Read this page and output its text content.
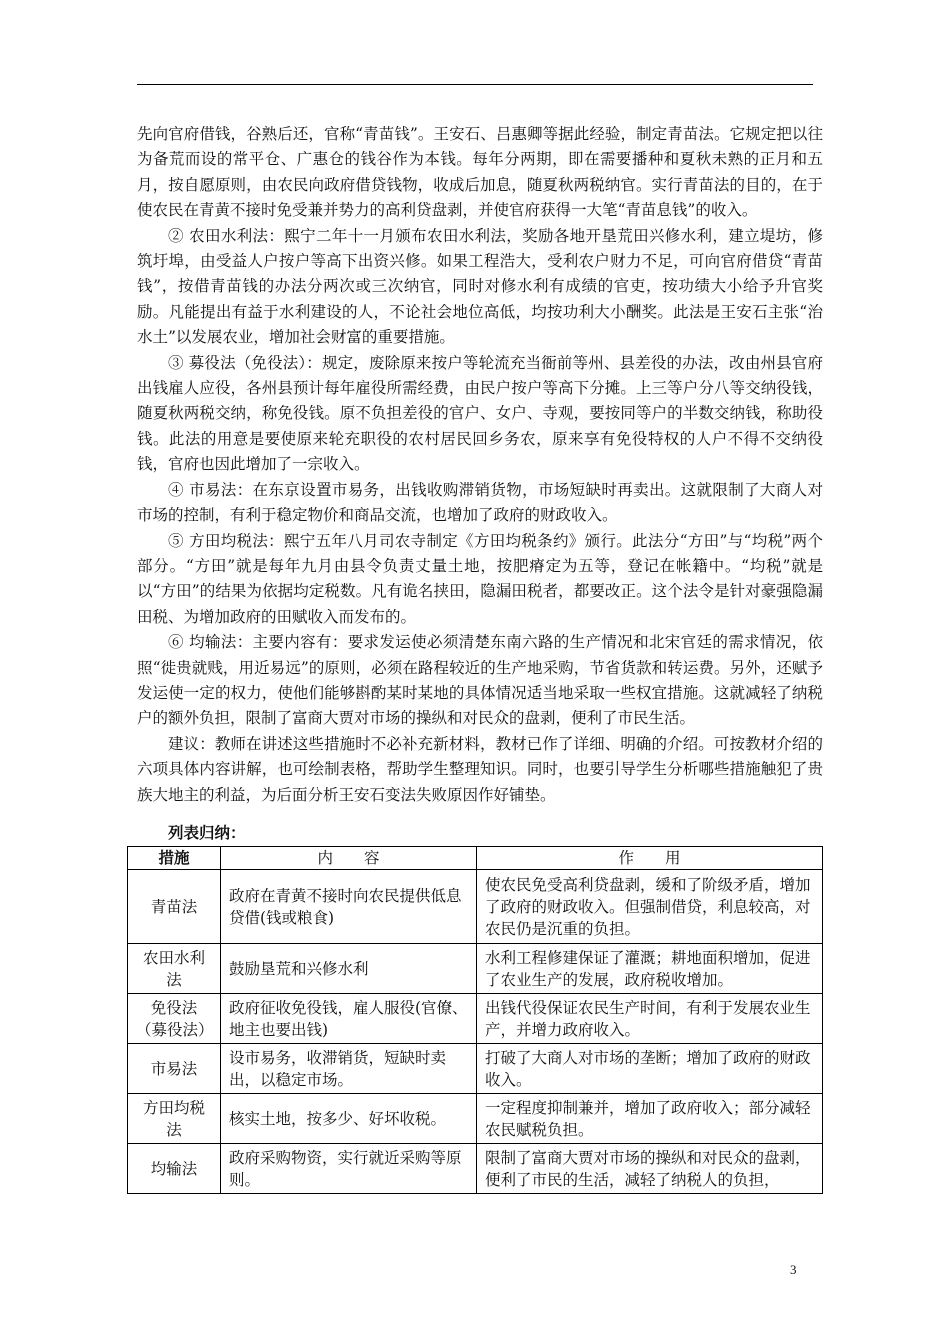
先向官府借钱，谷熟后还，官称“青苗钱”。王安石、吕惠卿等据此经验，制定青苗法。它规定把以往为备荒而设的常平仓、广惠仓的钱谷作为本钱。每年分两期，即在需要播种和夏秋未熟的正月和五月，按自愿原则，由农民向政府借贷钱物，收成后加息，随夏秋两税纳官。实行青苗法的目的，在于使农民在青黄不接时免受兼并势力的高利贷盘剥，并使官府获得一大笔“青苗息钱”的收入。

② 农田水利法：熙宁二年十一月颁布农田水利法，奖励各地开垦荒田兴修水利，建立堤坊，修筑圩埠，由受益人户按户等高下出资兴修。如果工程浩大，受利农户财力不足，可向官府借贷“青苗钱”，按借青苗钱的办法分两次或三次纳官，同时对修水利有成绩的官吏，按功绩大小给予升官奖励。凡能提出有益于水利建设的人，不论社会地位高低，均按功利大小酬奖。此法是王安石主张“治水土”以发展农业，增加社会财富的重要措施。

③ 募役法（免役法）：规定，废除原来按户等轮流充当衙前等州、县差役的办法，改由州县官府出钱雇人应役，各州县预计每年雇役所需经费，由民户按户等高下分摊。上三等户分八等交纳役钱，随夏秋两税交纳，称免役钱。原不负担差役的官户、女户、寺观，要按同等户的半数交纳钱，称助役钱。此法的用意是要使原来轮充职役的农村居民回乡务农，原来享有免役特权的人户不得不交纳役钱，官府也因此增加了一宗收入。

④ 市易法：在东京设置市易务，出钱收购滞销货物，市场短缺时再卖出。这就限制了大商人对市场的控制，有利于稳定物价和商品交流，也增加了政府的财政收入。

⑤ 方田均税法：熙宁五年八月司农寺制定《方田均税条约》颁行。此法分“方田”与“均税”两个部分。“方田”就是每年九月由县令负责丈量土地，按肥瘠定为五等，登记在帐籍中。“均税”就是以“方田”的结果为依据均定税数。凡有诡名挟田，隐漏田税者，都要改正。这个法令是针对豪强隐漏田税、为增加政府的田赋收入而发布的。

⑥ 均输法：主要内容有：要求发运使必须清楚东南六路的生产情况和北宋官廷的需求情况，依照“徙贵就贱，用近易远”的原则，必须在路程较近的生产地采购，节省货款和转运费。另外，还赋予发运使一定的权力，使他们能够斟酌某时某地的具体情况适当地采取一些权宜措施。这就减轻了纳税户的额外负担，限制了富商大贾对市场的操纵和对民众的盘剥，便利了市民生活。

建议：教师在讲述这些措施时不必补充新材料，教材已作了详细、明确的介绍。可按教材介绍的六项具体内容讲解，也可绘制表格，帮助学生整理知识。同时，也要引导学生分析哪些措施触犯了贵族大地主的利益，为后面分析王安石变法失败原因作好铺垫。

列表归纳：
措施	内　　容	作　　用
青苗法	政府在青黄不接时向农民提供低息贷借(钱或粮食)	使农民免受高利贷盘剥，缓和了阶级矛盾，增加了政府的财政收入。但强制借贷，利息较高，对农民仍是沉重的负担。
农田水利法	鼓励垦荒和兴修水利	水利工程修建保证了灌溉；耕地面积增加，促进了农业生产的发展，政府税收增加。
免役法（募役法）	政府征收免役钱，雇人服役(官僚、地主也要出钱)	出钱代役保证农民生产时间，有利于发展农业生产，并增力政府收入。
市易法	设市易务，收滞销货，短缺时卖出，以稳定市场。	打破了大商人对市场的垄断；增加了政府的财政收入。
方田均税法	核实土地，按多少、好坏收税。	一定程度抑制兼并，增加了政府收入；部分减轻农民赋税负担。
均输法	政府采购物资，实行就近采购等原则。	限制了富商大贾对市场的操纵和对民众的盘剥，便利了市民的生活，减轻了纳税人的负担，
3
